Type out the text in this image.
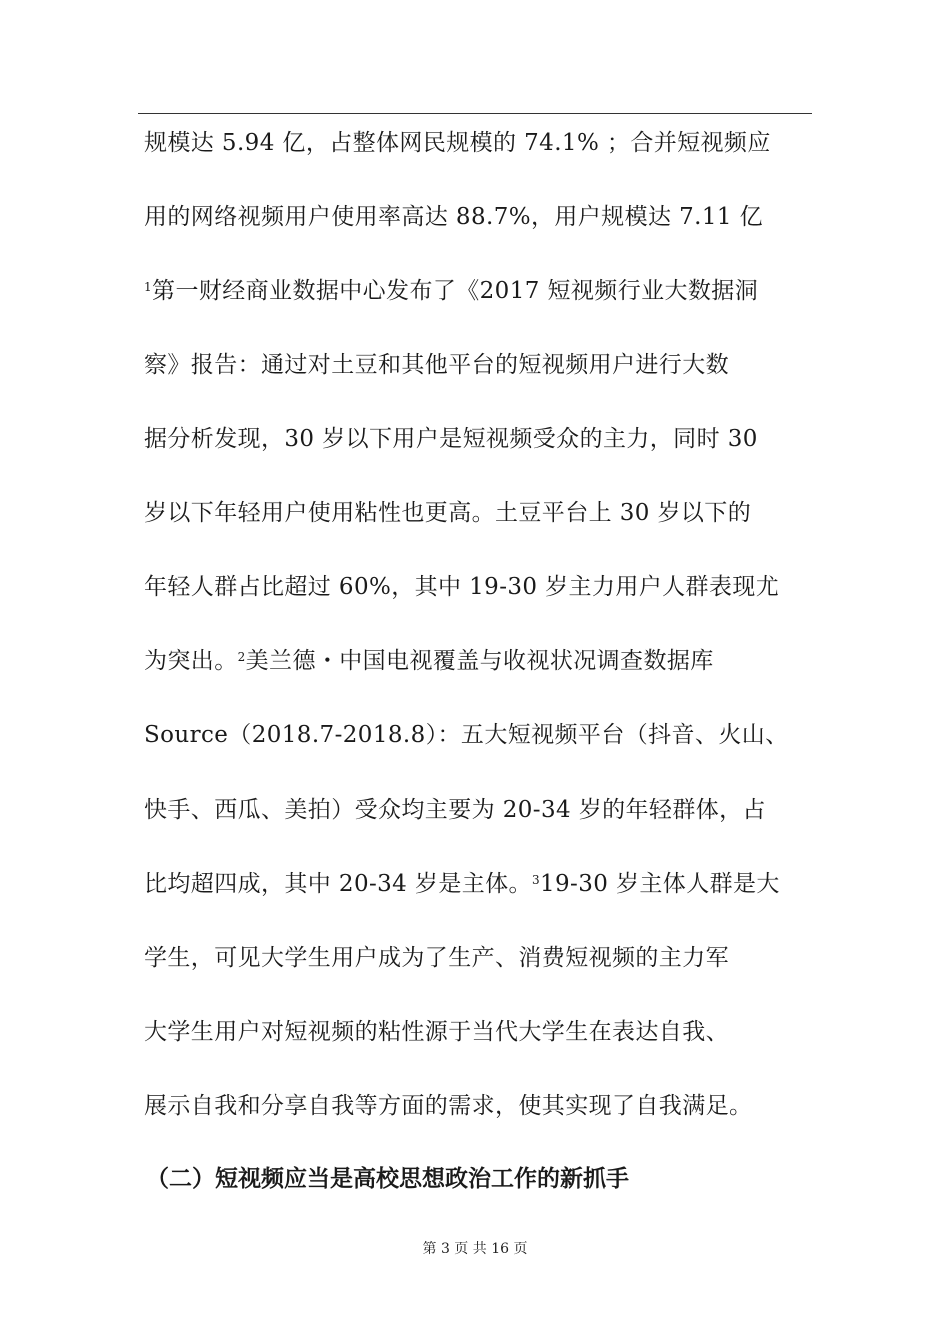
规模达 5.94 亿，占整体网民规模的 74.1% ；合并短视频应
用的网络视频用户使用率高达 88.7%，用户规模达 7.11 亿
$^1$第一财经商业数据中心发布了《2017 短视频行业大数据洞
察》报告：通过对土豆和其他平台的短视频用户进行大数
据分析发现，30 岁以下用户是短视频受众的主力，同时 30
岁以下年轻用户使用粘性也更高。土豆平台上 30 岁以下的
年轻人群占比超过 60%，其中 19-30 岁主力用户人群表现尤
为突出。$^2$美兰德・中国电视覆盖与收视状况调查数据库
Source（2018.7-2018.8）：五大短视频平台（抖音、火山、
快手、西瓜、美拍）受众均主要为 20-34 岁的年轻群体，占
比均超四成，其中 20-34 岁是主体。$^3$19-30 岁主体人群是大
学生，可见大学生用户成为了生产、消费短视频的主力军
大学生用户对短视频的粘性源于当代大学生在表达自我、
展示自我和分享自我等方面的需求，使其实现了自我满足。
（二）短视频应当是高校思想政治工作的新抓手
第 3 页 共 16 页
